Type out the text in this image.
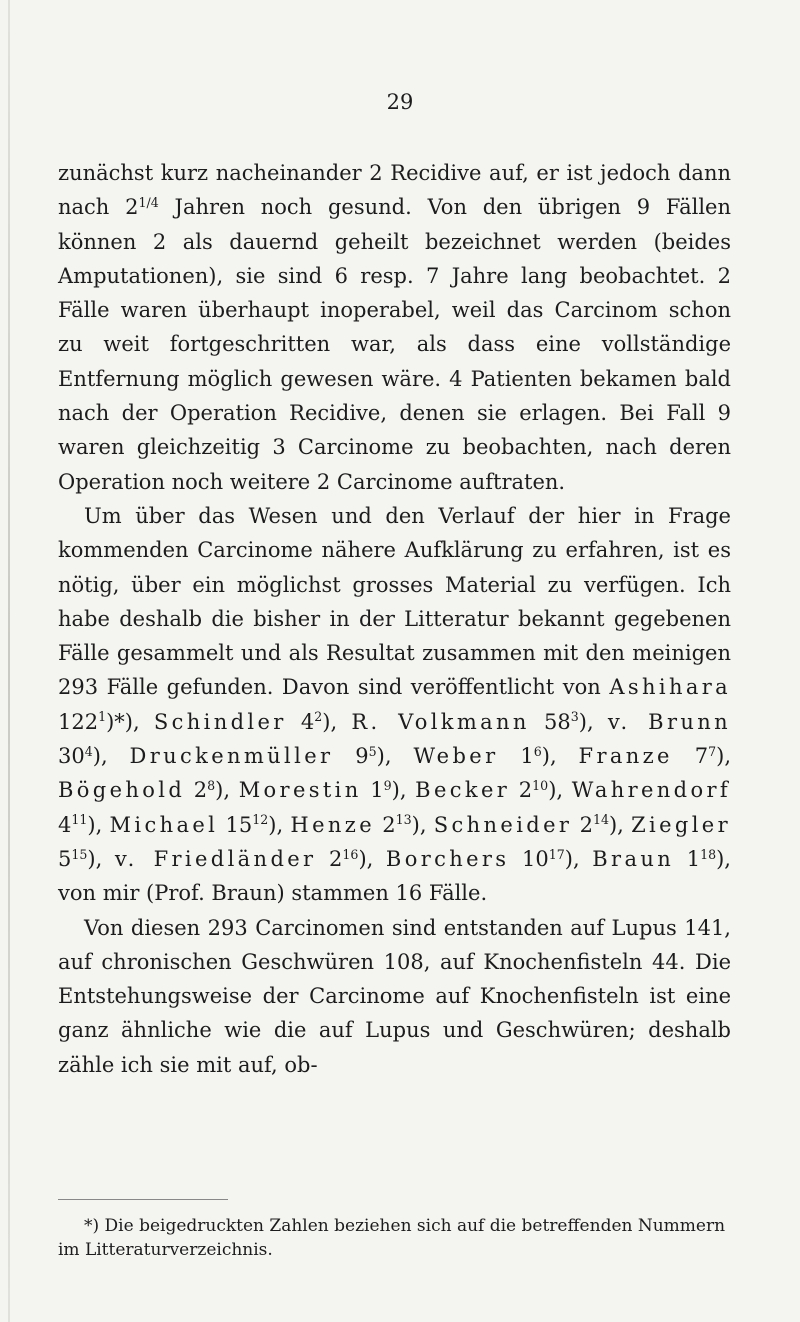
29

zunächst kurz nacheinander 2 Recidive auf, er ist jedoch dann nach $2^{1/4}$ Jahren noch gesund. Von den übrigen 9 Fällen können 2 als dauernd geheilt bezeichnet werden (beides Amputationen), sie sind 6 resp. 7 Jahre lang beobachtet. 2 Fälle waren überhaupt inoperabel, weil das Carcinom schon zu weit fortgeschritten war, als dass eine vollständige Entfernung möglich gewesen wäre. 4 Patienten bekamen bald nach der Operation Recidive, denen sie erlagen. Bei Fall 9 waren gleichzeitig 3 Carcinome zu beobachten, nach deren Operation noch weitere 2 Carcinome auftraten.

Um über das Wesen und den Verlauf der hier in Frage kommenden Carcinome nähere Aufklärung zu erfahren, ist es nötig, über ein möglichst grosses Material zu verfügen. Ich habe deshalb die bisher in der Litteratur bekannt gegebenen Fälle gesammelt und als Resultat zusammen mit den meinigen 293 Fälle gefunden. Davon sind veröffentlicht von Ashihara $122^1)*$), Schindler $4^2$), R. Volkmann $58^3$), v. Brunn $30^4$), Druckenmüller $9^5$), Weber $1^6$), Franze $7^7$), Bögehold $2^8$), Morestin $1^9$), Becker $2^{10}$), Wahrendorf $4^{11}$), Michael $15^{12}$), Henze $2^{13}$), Schneider $2^{14}$), Ziegler $5^{15}$), v. Friedländer $2^{16}$), Borchers $10^{17}$), Braun $1^{18}$), von mir (Prof. Braun) stammen 16 Fälle.

Von diesen 293 Carcinomen sind entstanden auf Lupus 141, auf chronischen Geschwüren 108, auf Knochenfisteln 44. Die Entstehungsweise der Carcinome auf Knochenfisteln ist eine ganz ähnliche wie die auf Lupus und Geschwüren; deshalb zähle ich sie mit auf, ob-

*) Die beigedruckten Zahlen beziehen sich auf die betreffenden Nummern im Litteraturverzeichnis.
